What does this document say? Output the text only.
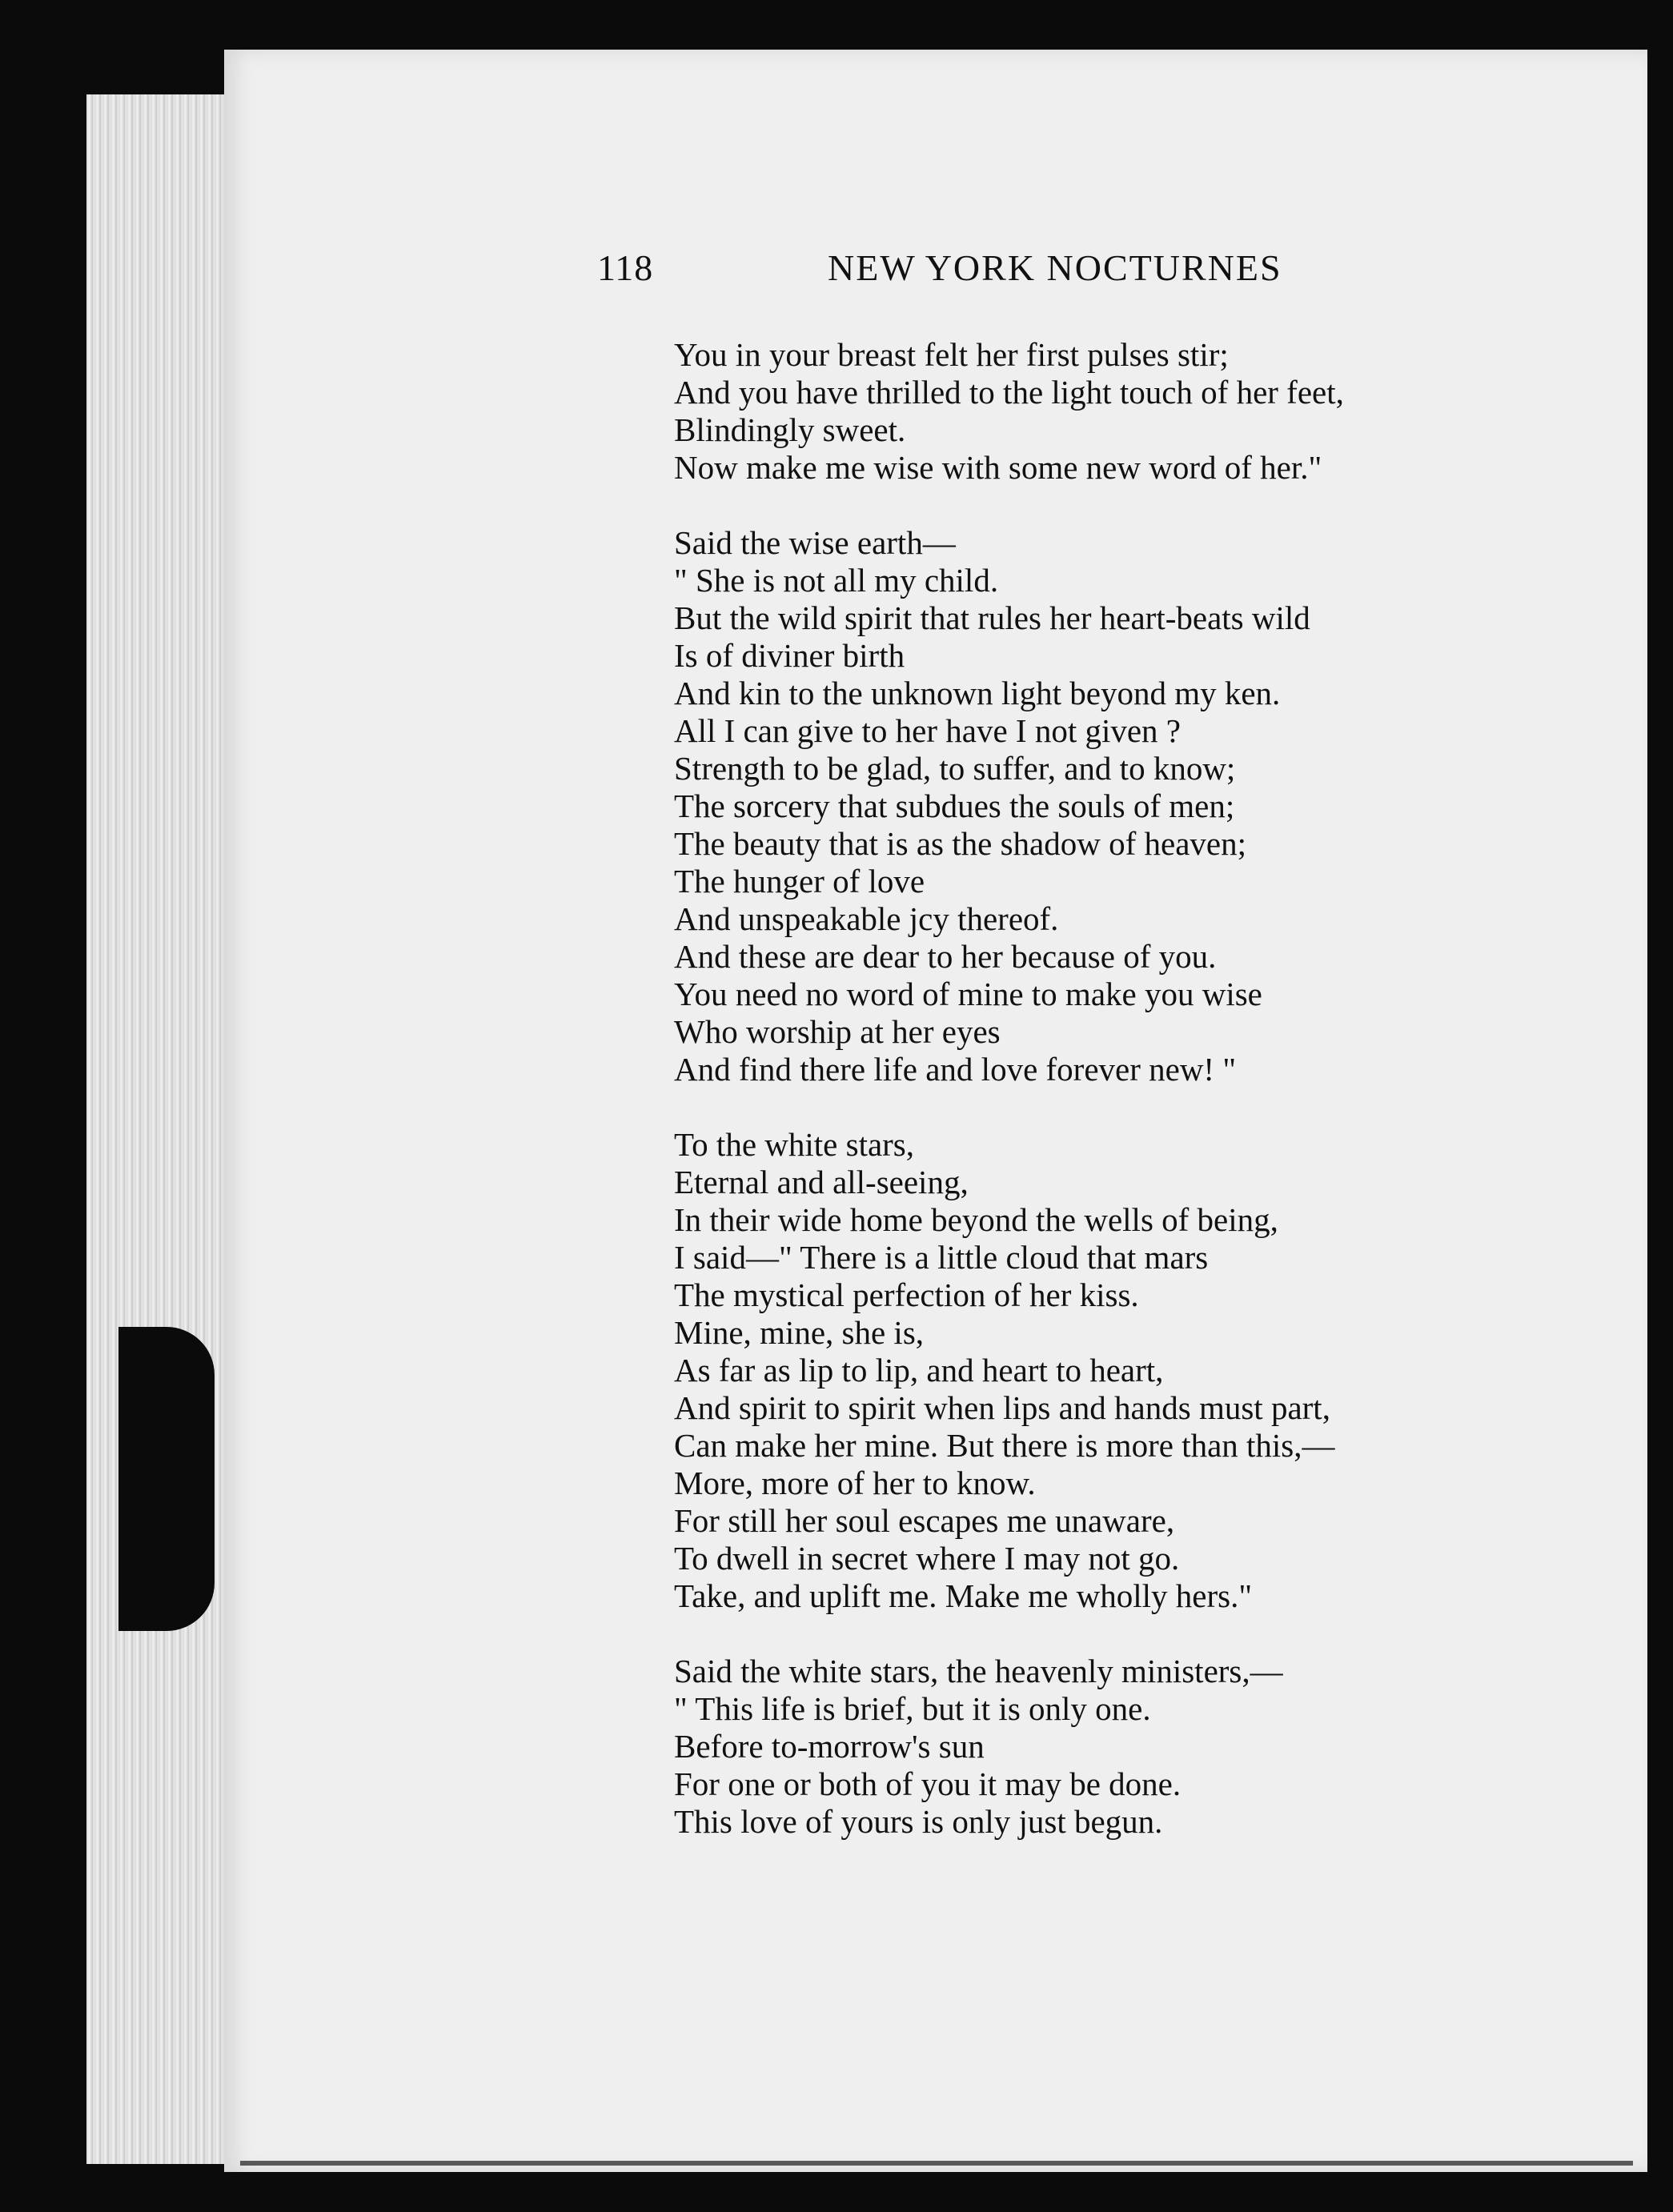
118	NEW YORK NOCTURNES
You in your breast felt her first pulses stir;
And you have thrilled to the light touch of her feet,
Blindingly sweet.
Now make me wise with some new word of her."
Said the wise earth—
" She is not all my child.
But the wild spirit that rules her heart-beats wild
Is of diviner birth
And kin to the unknown light beyond my ken.
All I can give to her have I not given ?
Strength to be glad, to suffer, and to know;
The sorcery that subdues the souls of men;
The beauty that is as the shadow of heaven;
The hunger of love
And unspeakable jcy thereof.
And these are dear to her because of you.
You need no word of mine to make you wise
Who worship at her eyes
And find there life and love forever new! "
To the white stars,
Eternal and all-seeing,
In their wide home beyond the wells of being,
I said—" There is a little cloud that mars
The mystical perfection of her kiss.
Mine, mine, she is,
As far as lip to lip, and heart to heart,
And spirit to spirit when lips and hands must part,
Can make her mine. But there is more than this,—
More, more of her to know.
For still her soul escapes me unaware,
To dwell in secret where I may not go.
Take, and uplift me. Make me wholly hers."
Said the white stars, the heavenly ministers,—
" This life is brief, but it is only one.
Before to-morrow's sun
For one or both of you it may be done.
This love of yours is only just begun.
